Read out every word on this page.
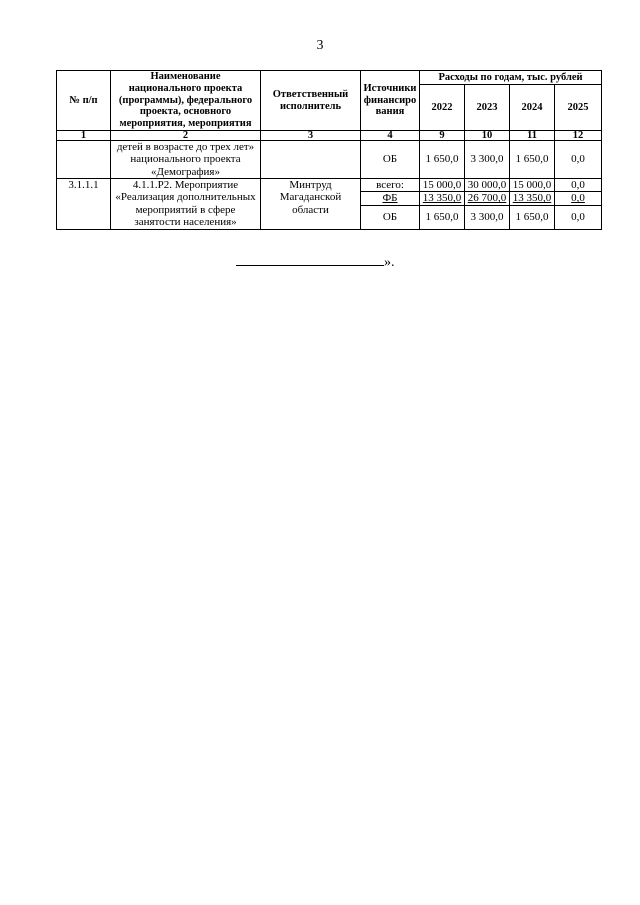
3
№ п/п	Наименование национального проекта (программы), федерального проекта, основного мероприятия, мероприятия	Ответственный исполнитель	Источники финансиро вания	Расходы по годам, тыс. рублей			
				2022	2023	2024	2025
1	2	3	4	9	10	11	12
	детей в возрасте до трех лет» национального проекта «Демография»		ОБ	1 650,0	3 300,0	1 650,0	0,0
3.1.1.1	4.1.1.Р2. Мероприятие «Реализация дополнительных мероприятий в сфере занятости населения»	Минтруд Магаданской области	всего:	15 000,0	30 000,0	15 000,0	0,0
			ФБ	13 350,0	26 700,0	13 350,0	0,0
			ОБ	1 650,0	3 300,0	1 650,0	0,0
».
